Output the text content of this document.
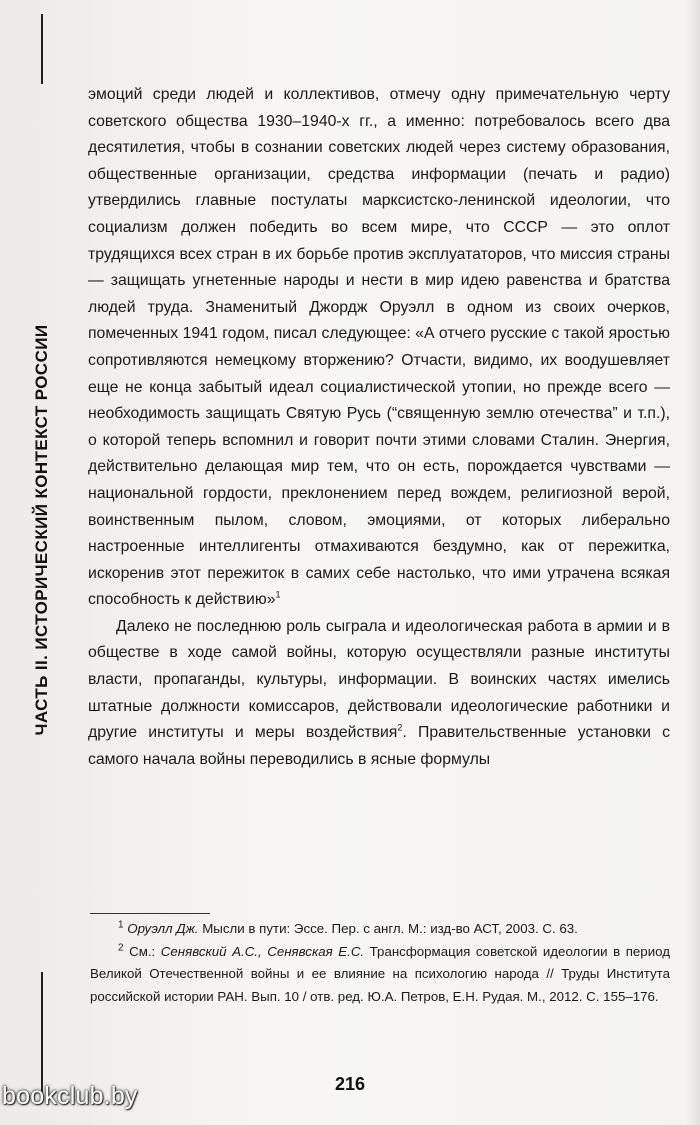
ЧАСТЬ II. ИСТОРИЧЕСКИЙ КОНТЕКСТ РОССИИ

эмоций среди людей и коллективов, отмечу одну примечательную черту советского общества 1930–1940-х гг., а именно: потребовалось всего два десятилетия, чтобы в сознании советских людей через систему образования, общественные организации, средства информации (печать и радио) утвердились главные постулаты марксистско-ленинской идеологии, что социализм должен победить во всем мире, что СССР — это оплот трудящихся всех стран в их борьбе против эксплуататоров, что миссия страны — защищать угнетенные народы и нести в мир идею равенства и братства людей труда. Знаменитый Джордж Оруэлл в одном из своих очерков, помеченных 1941 годом, писал следующее: «А отчего русские с такой яростью сопротивляются немецкому вторжению? Отчасти, видимо, их воодушевляет еще не конца забытый идеал социалистической утопии, но прежде всего — необходимость защищать Святую Русь (“священную землю отечества” и т.п.), о которой теперь вспомнил и говорит почти этими словами Сталин. Энергия, действительно делающая мир тем, что он есть, порождается чувствами — национальной гордости, преклонением перед вождем, религиозной верой, воинственным пылом, словом, эмоциями, от которых либерально настроенные интеллигенты отмахиваются бездумно, как от пережитка, искоренив этот пережиток в самих себе настолько, что ими утрачена всякая способность к действию»$^1$

Далеко не последнюю роль сыграла и идеологическая работа в армии и в обществе в ходе самой войны, которую осуществляли разные институты власти, пропаганды, культуры, информации. В воинских частях имелись штатные должности комиссаров, действовали идеологические работники и другие институты и меры воздействия$^2$. Правительственные установки с самого начала войны переводились в ясные формулы

$^1$ Оруэлл Дж. Мысли в пути: Эссе. Пер. с англ. М.: изд-во АСТ, 2003. С. 63.

$^2$ См.: Сенявский А.С., Сенявская Е.С. Трансформация советской идеологии в период Великой Отечественной войны и ее влияние на психологию народа // Труды Института российской истории РАН. Вып. 10 / отв. ред. Ю.А. Петров, Е.Н. Рудая. М., 2012. С. 155–176.

216
bookclub.by
